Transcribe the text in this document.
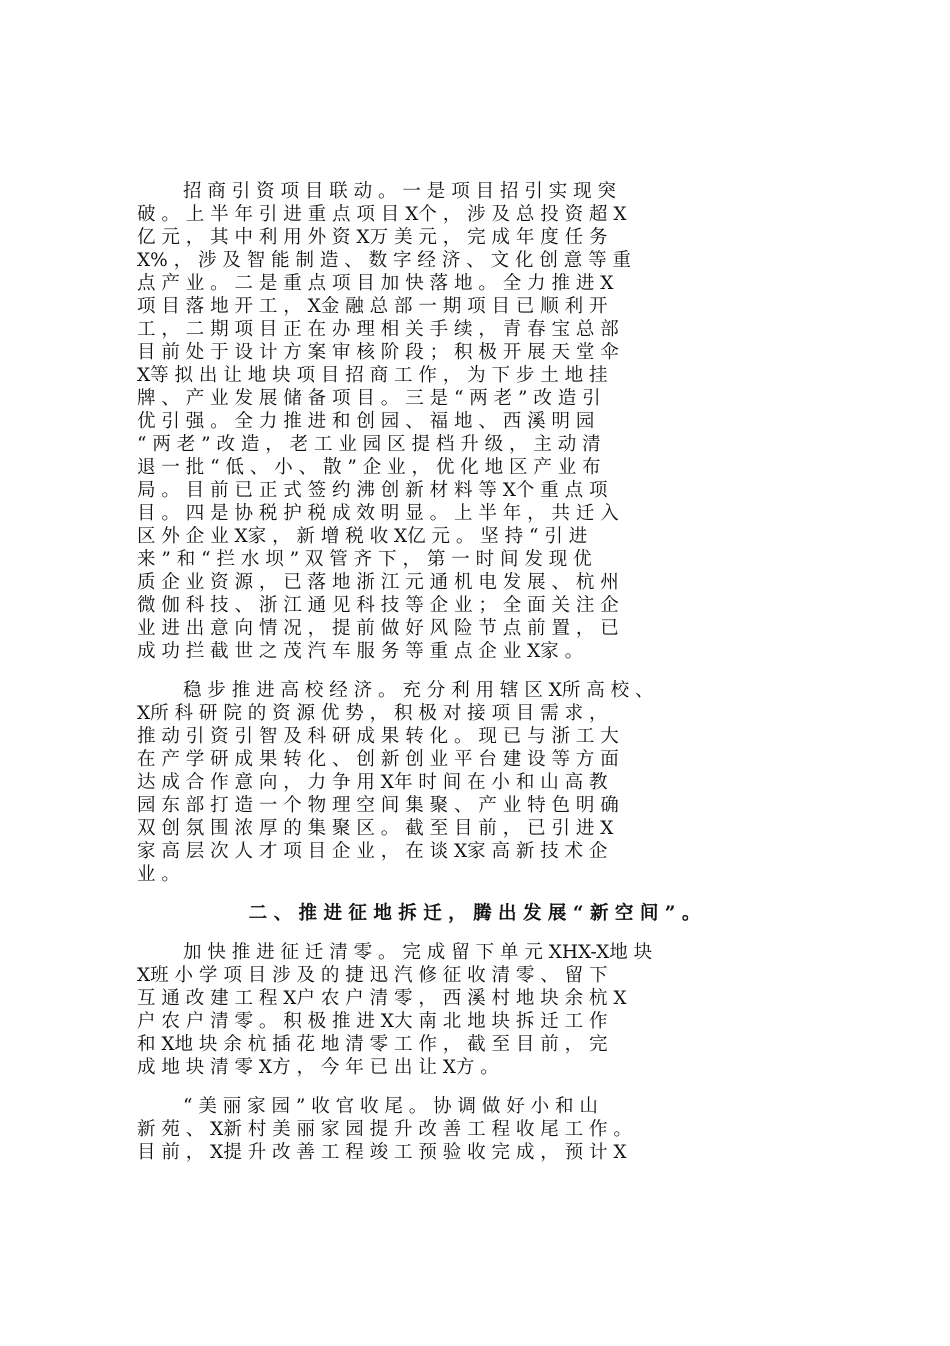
招 商 引 资 项 目 联 动 。 一 是 项 目 招 引 实 现 突
破 。 上 半 年 引 进 重 点 项 目 X个 ， 涉 及 总 投 资 超 X
亿 元 ， 其 中 利 用 外 资 X万 美 元 ， 完 成 年 度 任 务
X% ， 涉 及 智 能 制 造 、 数 字 经 济 、 文 化 创 意 等 重
点 产 业 。 二 是 重 点 项 目 加 快 落 地 。 全 力 推 进 X
项 目 落 地 开 工 ， X金 融 总 部 一 期 项 目 已 顺 利 开
工 ， 二 期 项 目 正 在 办 理 相 关 手 续 ， 青 春 宝 总 部
目 前 处 于 设 计 方 案 审 核 阶 段 ； 积 极 开 展 天 堂 伞
X等 拟 出 让 地 块 项 目 招 商 工 作 ， 为 下 步 土 地 挂
牌 、 产 业 发 展 储 备 项 目 。 三 是 “ 两 老 ” 改 造 引
优 引 强 。 全 力 推 进 和 创 园 、 福 地 、 西 溪 明 园
“ 两 老 ” 改 造 ， 老 工 业 园 区 提 档 升 级 ， 主 动 清
退 一 批 “ 低 、 小 、 散 ” 企 业 ， 优 化 地 区 产 业 布
局 。 目 前 已 正 式 签 约 沸 创 新 材 料 等 X个 重 点 项
目 。 四 是 协 税 护 税 成 效 明 显 。 上 半 年 ， 共 迁 入
区 外 企 业 X家 ， 新 增 税 收 X亿 元 。 坚 持 “ 引 进
来 ” 和 “ 拦 水 坝 ” 双 管 齐 下 ， 第 一 时 间 发 现 优
质 企 业 资 源 ， 已 落 地 浙 江 元 通 机 电 发 展 、 杭 州
微 伽 科 技 、 浙 江 通 见 科 技 等 企 业 ； 全 面 关 注 企
业 进 出 意 向 情 况 ， 提 前 做 好 风 险 节 点 前 置 ， 已
成 功 拦 截 世 之 茂 汽 车 服 务 等 重 点 企 业 X家 。
稳 步 推 进 高 校 经 济 。 充 分 利 用 辖 区 X所 高 校 、
X所 科 研 院 的 资 源 优 势 ， 积 极 对 接 项 目 需 求 ，
推 动 引 资 引 智 及 科 研 成 果 转 化 。 现 已 与 浙 工 大
在 产 学 研 成 果 转 化 、 创 新 创 业 平 台 建 设 等 方 面
达 成 合 作 意 向 ， 力 争 用 X年 时 间 在 小 和 山 高 教
园 东 部 打 造 一 个 物 理 空 间 集 聚 、 产 业 特 色 明 确
双 创 氛 围 浓 厚 的 集 聚 区 。 截 至 目 前 ， 已 引 进 X
家 高 层 次 人 才 项 目 企 业 ， 在 谈 X家 高 新 技 术 企
业 。
二 、 推 进 征 地 拆 迁 ， 腾 出 发 展 “ 新 空 间 ” 。
加 快 推 进 征 迁 清 零 。 完 成 留 下 单 元 XHX-X地 块
X班 小 学 项 目 涉 及 的 捷 迅 汽 修 征 收 清 零 、 留 下
互 通 改 建 工 程 X户 农 户 清 零 ， 西 溪 村 地 块 余 杭 X
户 农 户 清 零 。 积 极 推 进 X大 南 北 地 块 拆 迁 工 作
和 X地 块 余 杭 插 花 地 清 零 工 作 ， 截 至 目 前 ， 完
成 地 块 清 零 X方 ， 今 年 已 出 让 X方 。
“ 美 丽 家 园 ” 收 官 收 尾 。 协 调 做 好 小 和 山
新 苑 、 X新 村 美 丽 家 园 提 升 改 善 工 程 收 尾 工 作 。
目 前 ， X提 升 改 善 工 程 竣 工 预 验 收 完 成 ， 预 计 X
